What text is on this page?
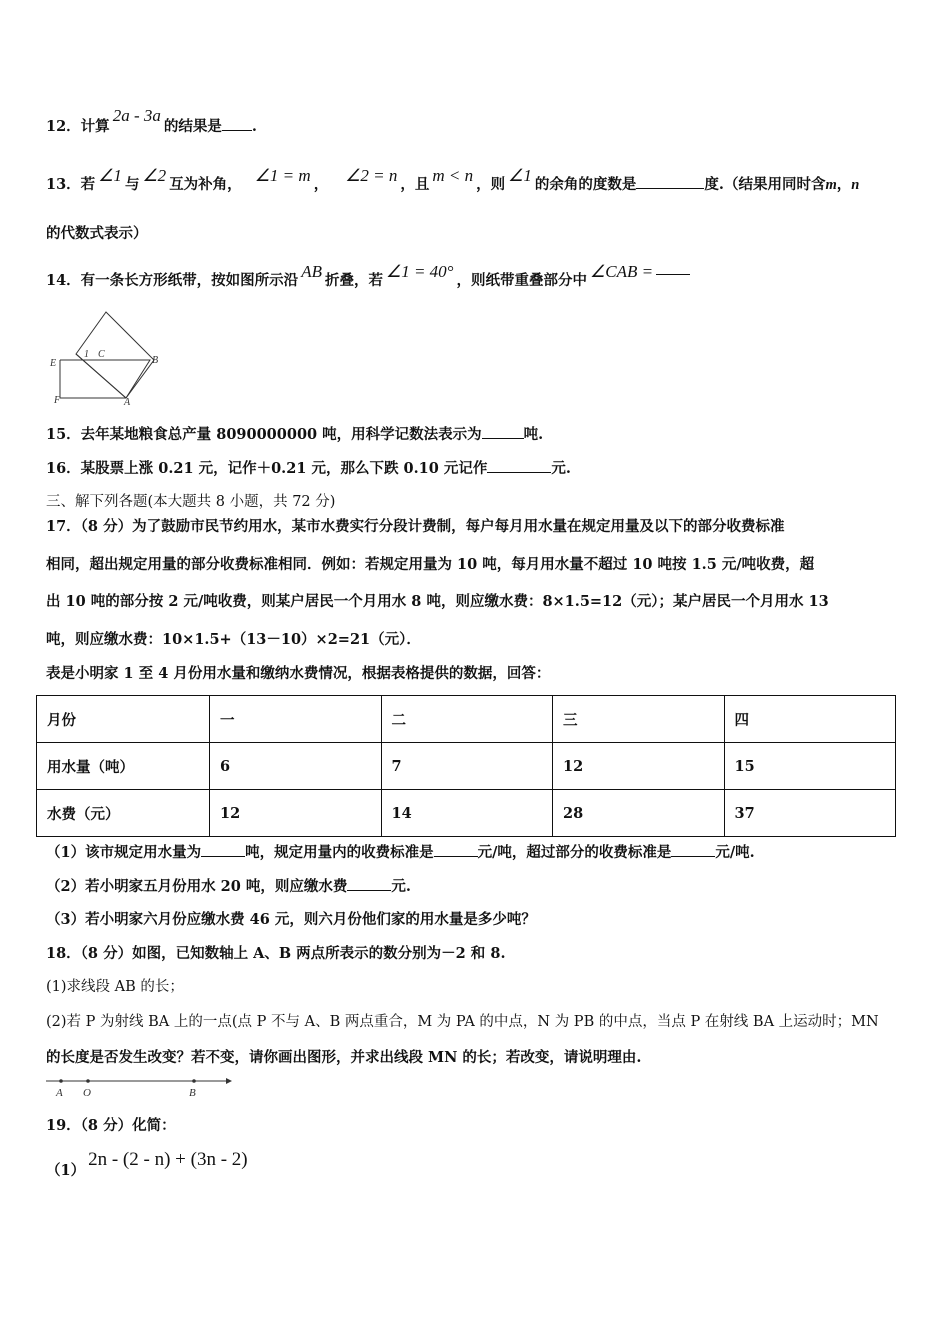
12．计算2a - 3a的结果是 .
13．若 ∠1 与 ∠2 互为补角， ∠1 = m ， ∠2 = n ，且 m < n ，则 ∠1 的余角的度数是	度.（结果用同时含m，n
的代数式表示）
14．有一条长方形纸带，按如图所示沿 AB 折叠，若 ∠1 = 40° ，则纸带重叠部分中 ∠CAB =
E
1 C
B
F	A
15．去年某地粮食总产量 8090000000 吨，用科学记数法表示为	吨.
16．某股票上涨 0.21 元，记作＋0.21 元，那么下跌 0.10 元记作	元.
三、解下列各题(本大题共 8 小题，共 72 分)
17．（8 分）为了鼓励市民节约用水，某市水费实行分段计费制，每户每月用水量在规定用量及以下的部分收费标准
相同，超出规定用量的部分收费标准相同．例如：若规定用量为 10 吨，每月用水量不超过 10 吨按 1.5 元/吨收费，超
出 10 吨的部分按 2 元/吨收费，则某户居民一个月用水 8 吨，则应缴水费：8×1.5=12（元）；某户居民一个月用水 13
吨，则应缴水费：10×1.5+（13－10）×2=21（元）．
表是小明家 1 至 4 月份用水量和缴纳水费情况，根据表格提供的数据，回答：
月份	一	二	三	四
用水量（吨）	6	7	12	15
水费（元）	12	14	28	37
（1）该市规定用水量为	吨，规定用量内的收费标准是	元/吨，超过部分的收费标准是	元/吨.
（2）若小明家五月份用水 20 吨，则应缴水费	元.
（3）若小明家六月份应缴水费 46 元，则六月份他们家的用水量是多少吨？
18．（8 分）如图，已知数轴上 A、B 两点所表示的数分别为－2 和 8.
(1)求线段 AB 的长；
(2)若 P 为射线 BA 上的一点(点 P 不与 A、B 两点重合，M 为 PA 的中点，N 为 PB 的中点，当点 P 在射线 BA 上运动时；MN
的长度是否发生改变？若不变，请你画出图形，并求出线段 MN 的长；若改变，请说明理由.
A O	B
19．（8 分）化简：
（1）2n - (2 - n) + (3n - 2)
